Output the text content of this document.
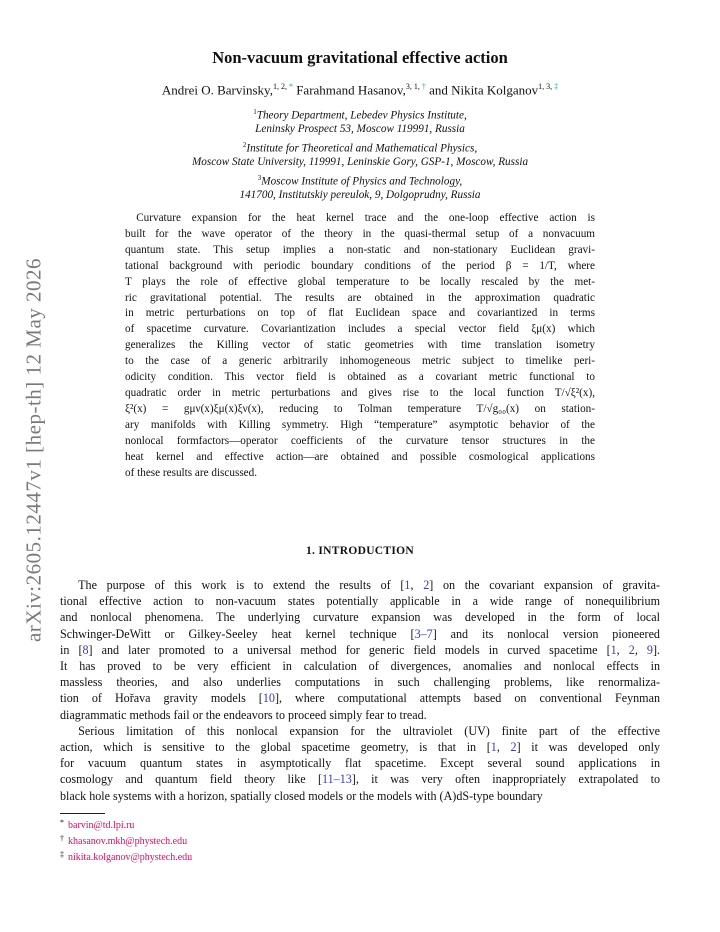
arXiv:2605.12447v1 [hep-th] 12 May 2026
Non-vacuum gravitational effective action
Andrei O. Barvinsky,$^{1, 2,}$ * Farahmand Hasanov,$^{3, 1,}$ † and Nikita Kolganov$^{1, 3,}$ ‡
$^1$Theory Department, Lebedev Physics Institute,
Leninsky Prospect 53, Moscow 119991, Russia
$^2$Institute for Theoretical and Mathematical Physics,
Moscow State University, 119991, Leninskie Gory, GSP-1, Moscow, Russia
$^3$Moscow Institute of Physics and Technology,
141700, Institutskiy pereulok, 9, Dolgoprudny, Russia
 Curvature expansion for the heat kernel trace and the one-loop effective action is
built for the wave operator of the theory in the quasi-thermal setup of a nonvacuum
quantum state. This setup implies a non-static and non-stationary Euclidean gravi-
tational background with periodic boundary conditions of the period β = 1/T, where
T plays the role of effective global temperature to be locally rescaled by the met-
ric gravitational potential. The results are obtained in the approximation quadratic
in metric perturbations on top of flat Euclidean space and covariantized in terms
of spacetime curvature. Covariantization includes a special vector field ξμ(x) which
generalizes the Killing vector of static geometries with time translation isometry
to the case of a generic arbitrarily inhomogeneous metric subject to timelike peri-
odicity condition. This vector field is obtained as a covariant metric functional to
quadratic order in metric perturbations and gives rise to the local function T/√ξ²(x),
ξ²(x) = gμν(x)ξμ(x)ξν(x), reducing to Tolman temperature T/√g₀₀(x) on station-
ary manifolds with Killing symmetry. High “temperature” asymptotic behavior of the
nonlocal formfactors—operator coefficients of the curvature tensor structures in the
heat kernel and effective action—are obtained and possible cosmological applications
of these results are discussed.
1. INTRODUCTION
  The purpose of this work is to extend the results of [1, 2] on the covariant expansion of gravita-
tional effective action to non-vacuum states potentially applicable in a wide range of nonequilibrium
and nonlocal phenomena. The underlying curvature expansion was developed in the form of local
Schwinger-DeWitt or Gilkey-Seeley heat kernel technique [3–7] and its nonlocal version pioneered
in [8] and later promoted to a universal method for generic field models in curved spacetime [1, 2, 9].
It has proved to be very efficient in calculation of divergences, anomalies and nonlocal effects in
massless theories, and also underlies computations in such challenging problems, like renormaliza-
tion of Hořava gravity models [10], where computational attempts based on conventional Feynman
diagrammatic methods fail or the endeavors to proceed simply fear to tread.
  Serious limitation of this nonlocal expansion for the ultraviolet (UV) finite part of the effective
action, which is sensitive to the global spacetime geometry, is that in [1, 2] it was developed only
for vacuum quantum states in asymptotically flat spacetime. Except several sound applications in
cosmology and quantum field theory like [11–13], it was very often inappropriately extrapolated to
black hole systems with a horizon, spatially closed models or the models with (A)dS-type boundary
* barvin@td.lpi.ru
† khasanov.mkh@phystech.edu
‡ nikita.kolganov@phystech.edu
